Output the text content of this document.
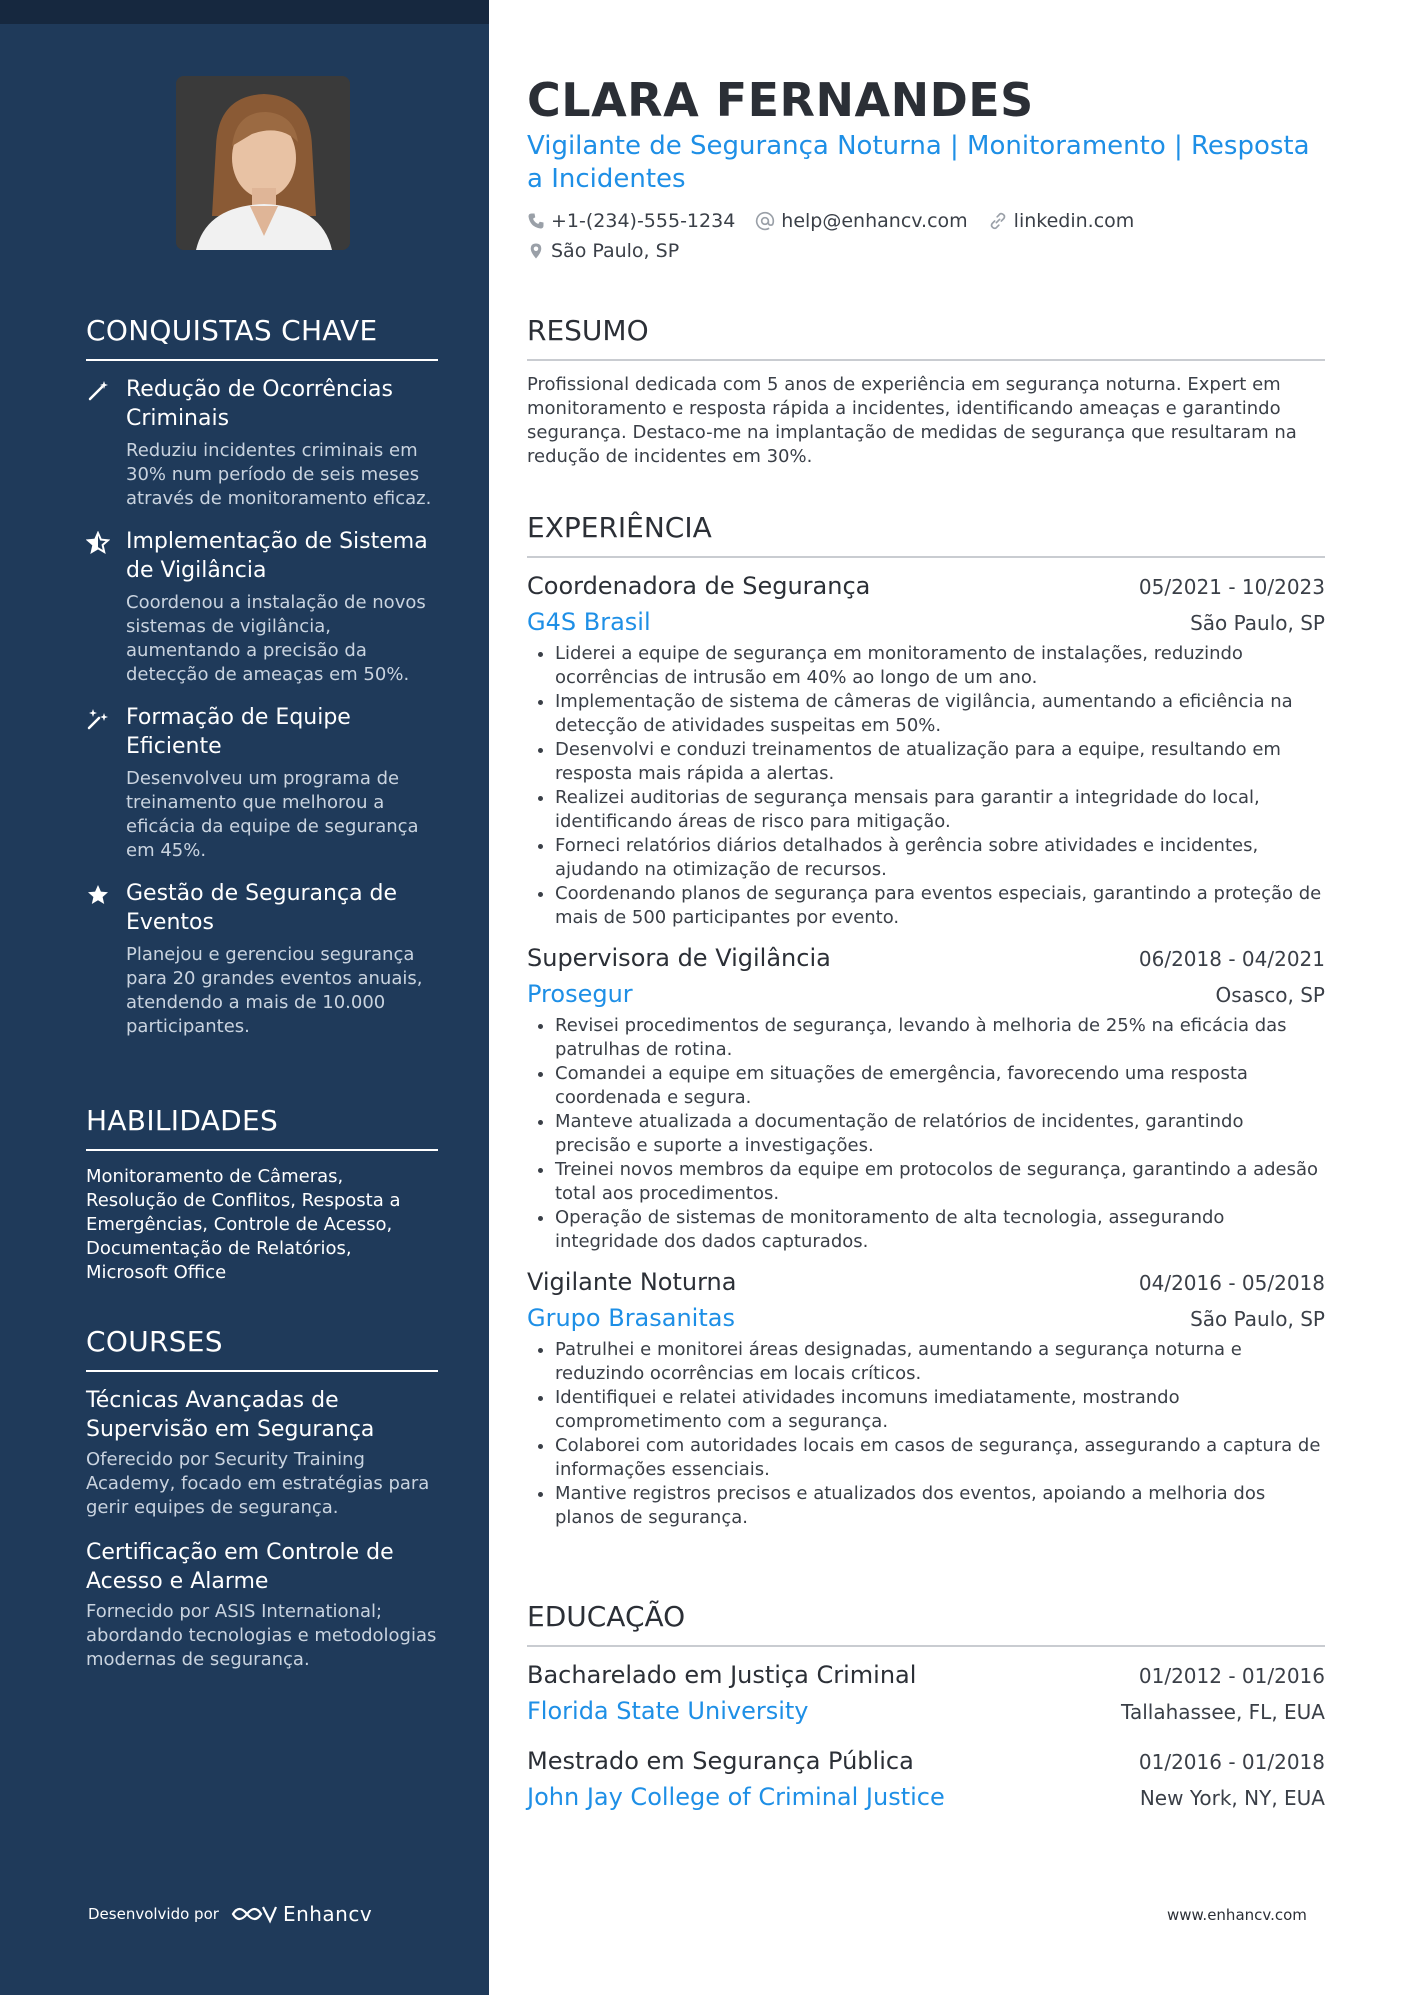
CONQUISTAS CHAVE
Redução de Ocorrências Criminais
Reduziu incidentes criminais em 30% num período de seis meses através de monitoramento eficaz.
Implementação de Sistema de Vigilância
Coordenou a instalação de novos sistemas de vigilância, aumentando a precisão da detecção de ameaças em 50%.
Formação de Equipe Eficiente
Desenvolveu um programa de treinamento que melhorou a eficácia da equipe de segurança em 45%.
Gestão de Segurança de Eventos
Planejou e gerenciou segurança para 20 grandes eventos anuais, atendendo a mais de 10.000 participantes.
HABILIDADES
Monitoramento de Câmeras, Resolução de Conflitos, Resposta a Emergências, Controle de Acesso, Documentação de Relatórios, Microsoft Office
COURSES
Técnicas Avançadas de Supervisão em Segurança
Oferecido por Security Training Academy, focado em estratégias para gerir equipes de segurança.
Certificação em Controle de Acesso e Alarme
Fornecido por ASIS International; abordando tecnologias e metodologias modernas de segurança.
Desenvolvido por	Enhancv
CLARA FERNANDES
Vigilante de Segurança Noturna | Monitoramento | Resposta a Incidentes
+1-(234)-555-1234 help@enhancv.com linkedin.com
São Paulo, SP
RESUMO
Profissional dedicada com 5 anos de experiência em segurança noturna. Expert em monitoramento e resposta rápida a incidentes, identificando ameaças e garantindo segurança. Destaco-me na implantação de medidas de segurança que resultaram na redução de incidentes em 30%.
EXPERIÊNCIA
Coordenadora de Segurança	05/2021 - 10/2023
G4S Brasil	São Paulo, SP
• Liderei a equipe de segurança em monitoramento de instalações, reduzindo ocorrências de intrusão em 40% ao longo de um ano.
• Implementação de sistema de câmeras de vigilância, aumentando a eficiência na detecção de atividades suspeitas em 50%.
• Desenvolvi e conduzi treinamentos de atualização para a equipe, resultando em resposta mais rápida a alertas.
• Realizei auditorias de segurança mensais para garantir a integridade do local, identificando áreas de risco para mitigação.
• Forneci relatórios diários detalhados à gerência sobre atividades e incidentes, ajudando na otimização de recursos.
• Coordenando planos de segurança para eventos especiais, garantindo a proteção de mais de 500 participantes por evento.
Supervisora de Vigilância	06/2018 - 04/2021
Prosegur	Osasco, SP
• Revisei procedimentos de segurança, levando à melhoria de 25% na eficácia das patrulhas de rotina.
• Comandei a equipe em situações de emergência, favorecendo uma resposta coordenada e segura.
• Manteve atualizada a documentação de relatórios de incidentes, garantindo precisão e suporte a investigações.
• Treinei novos membros da equipe em protocolos de segurança, garantindo a adesão total aos procedimentos.
• Operação de sistemas de monitoramento de alta tecnologia, assegurando integridade dos dados capturados.
Vigilante Noturna	04/2016 - 05/2018
Grupo Brasanitas	São Paulo, SP
• Patrulhei e monitorei áreas designadas, aumentando a segurança noturna e reduzindo ocorrências em locais críticos.
• Identifiquei e relatei atividades incomuns imediatamente, mostrando comprometimento com a segurança.
• Colaborei com autoridades locais em casos de segurança, assegurando a captura de informações essenciais.
• Mantive registros precisos e atualizados dos eventos, apoiando a melhoria dos planos de segurança.
EDUCAÇÃO
Bacharelado em Justiça Criminal	01/2012 - 01/2016
Florida State University	Tallahassee, FL, EUA
Mestrado em Segurança Pública	01/2016 - 01/2018
John Jay College of Criminal Justice	New York, NY, EUA
www.enhancv.com
